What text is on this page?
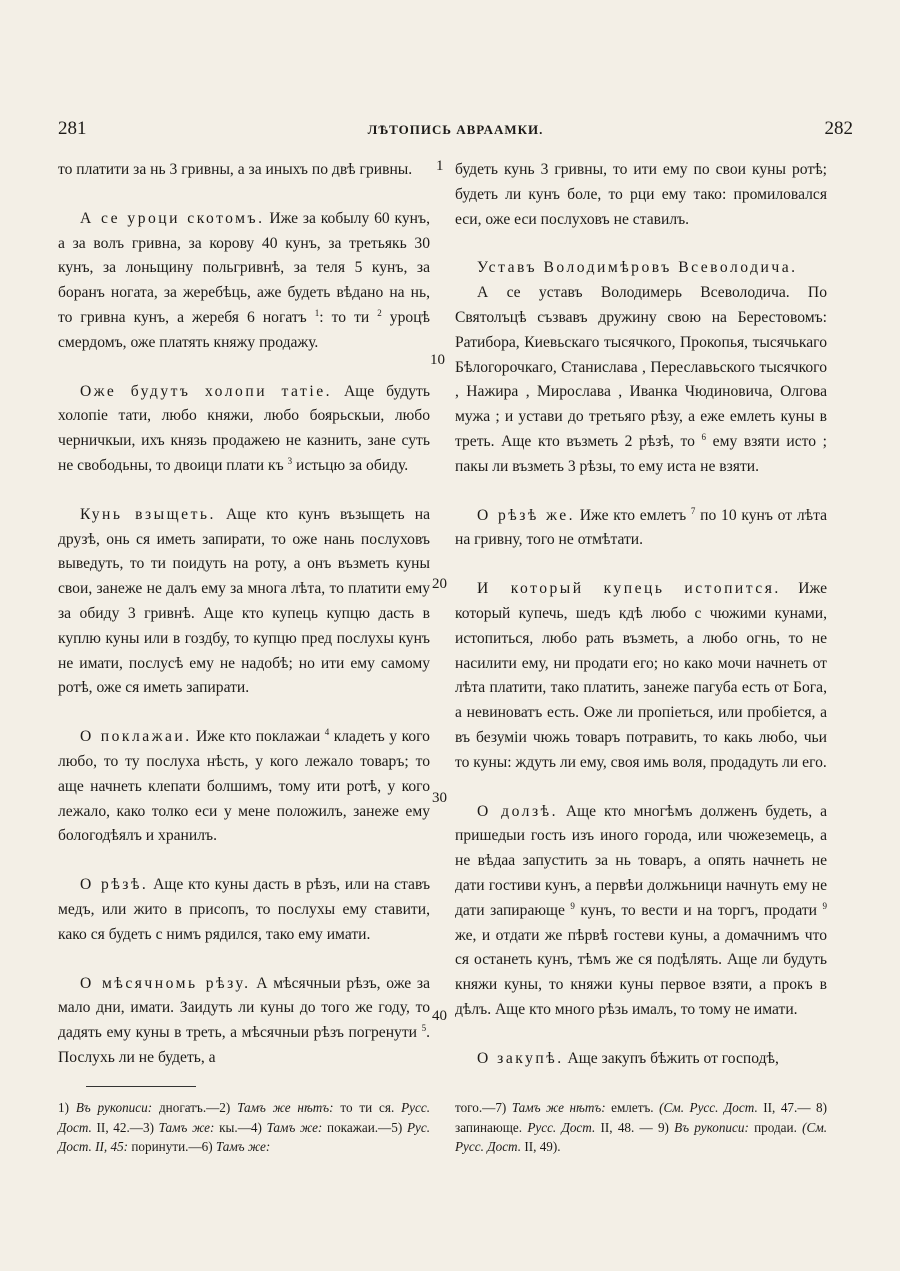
281	ЛѢТОПИСЬ АВРААМКИ.	282

то платити за нь 3 гривны, а за иныхъ по двѣ гривны.

А се уроци скотомъ. Иже за кобылу 60 кунъ, а за волъ гривна, за корову 40 кунъ, за третьякь 30 кунъ, за лоньщину польгривнѣ, за теля 5 кунъ, за боранъ ногата, за жеребѣць, аже будеть вѣдано на нь, то гривна кунъ, а жеребя 6 ногатъ $^1$: то ти $^2$ урoцѣ смердомъ, оже платять княжу продажу.

Оже будутъ холопи татіе. Аще будуть холопіе тати, любо княжи, любо боярьскыи, любо черничкыи, ихъ князь продажею не казнить, зане суть не свободьны, то двоици плати къ $^3$ истьцю за обиду.

Кунь взыщеть. Аще кто кунъ възыщеть на друзѣ, онь ся иметь запирати, то оже нань послуховъ выведуть, то ти поидуть на роту, а онъ възметь куны свои, занеже не далъ ему за многа лѣта, то платити ему за обиду 3 гривнѣ. Аще кто купець купцю дасть в куплю куны или в гоздбу, то купцю пред послухы кунъ не имати, послусѣ ему не надобѣ; но ити ему самому ротѣ, оже ся иметь запирати.

О поклажаи. Иже кто поклажаи $^4$ кладеть у кого любо, то ту послуха нѣсть, у кого лежало товаръ; то аще начнеть клепати болшимъ, тому ити ротѣ, у кого лежало, како толко еси у мене положилъ, занеже ему бологодѣялъ и хранилъ.

О рѣзѣ. Аще кто куны дасть в рѣзъ, или на ставъ медъ, или жито в присопъ, то послухы ему ставити, како ся будеть с нимъ рядился, тако ему имати.

О мѣсячномь рѣзу. А мѣсячныи рѣзъ, оже за мало дни, имати. Заидуть ли куны до того же году, то дадять ему куны в треть, а мѣсячныи рѣзъ погренути $^5$. Послухь ли не будеть, а

1
10
20
30
40

будеть кунь 3 гривны, то ити ему по свои куны ротѣ; будеть ли кунъ боле, то рци ему тако: промиловался еси, оже еси послуховъ не ставилъ.

Уставъ Володимѣровъ Всеволодича.

А се уставъ Володимерь Всеволодича. По Святолъцѣ съзвавъ дружину свою на Берестовомъ: Ратибора, Киевьскаго тысячкого, Прокопья, тысячькаго Бѣлогорочкаго, Станислава , Переславьского тысячкого , Нажира , Мирослава , Иванка Чюдиновича, Олгова мужа ; и устави до третьяго рѣзу, а еже емлеть куны в треть. Аще кто възметь 2 рѣзѣ, то $^6$ ему взяти исто ; пакы ли възметь 3 рѣзы, то ему иста не взяти.

О рѣзѣ же. Иже кто емлетъ $^7$ по 10 кунъ от лѣта на гривну, того не отмѣтати.

И который купець истопится. Иже который купечь, шедъ кдѣ любо с чюжими кунами, истопиться, любо рать възметь, а любо огнь, то не насилити ему, ни продати его; но како мочи начнеть от лѣта платити, тако платить, занеже пагуба есть от Бога, а невиноватъ есть. Оже ли пропіеться, или пробіется, а въ безуміи чюжь товаръ потравить, то какь любо, чьи то куны: ждуть ли ему, своя имь воля, продадуть ли его.

О долзѣ. Аще кто многѣмъ долженъ будеть, а пришедыи гость изъ иного города, или чюжеземець, а не вѣдаа запустить за нь товаръ, а опять начнеть не дати гостиви кунъ, а первѣи должьници начнуть ему не дати запирающе $^9$ кунъ, то вести и на торгъ, продати $^9$ же, и отдати же пѣрвѣ гостеви куны, а домачнимъ что ся останеть кунъ, тѣмъ же ся подѣлять. Аще ли будуть княжи куны, то княжи куны первое взяти, а прокъ в дѣлъ. Аще кто много рѣзь ималъ, то тому не имати.

О закупѣ. Аще закупъ бѣжить от господѣ,

1) Въ рукописи: дногатъ.—2) Тамъ же нѣтъ: то ти ся. Русс. Дост. II, 42.—3) Тамъ же: кы.—4) Тамъ же: покажаи.—5) Рус. Дост. II, 45: поринути.—6) Тамъ же:
того.—7) Тамъ же нѣтъ: емлетъ. (См. Русс. Дост. II, 47.— 8) запинающе. Русс. Дост. II, 48. — 9) Въ рукописи: продаи. (См. Русс. Дост. II, 49).
